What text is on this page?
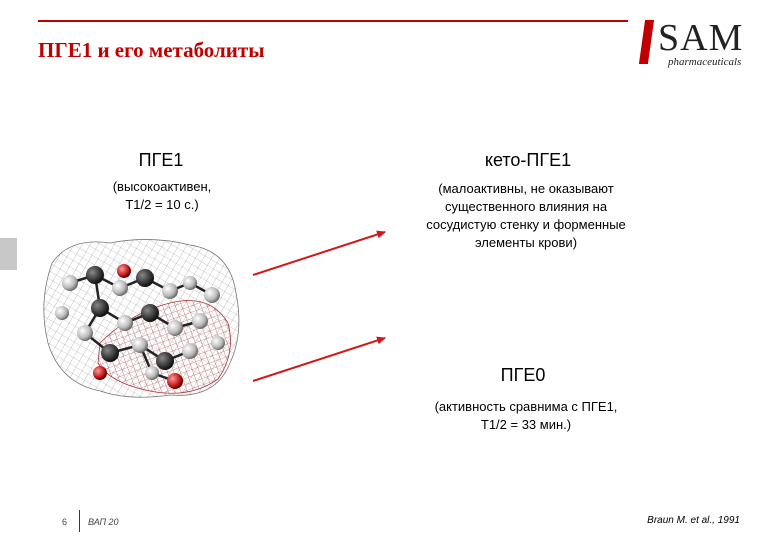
ПГЕ1 и его метаболиты	SAM
pharmaceuticals
ПГЕ1
(высокоактивен,
Т1/2 = 10 с.)
кето-ПГЕ1
(малоактивны, не оказывают
существенного влияния на
сосудистую стенку и форменные
элементы крови)
ПГЕ0
(активность сравнима с ПГЕ1,
Т1/2 = 33 мин.)
6 ВАП 20	Braun M. et al., 1991
